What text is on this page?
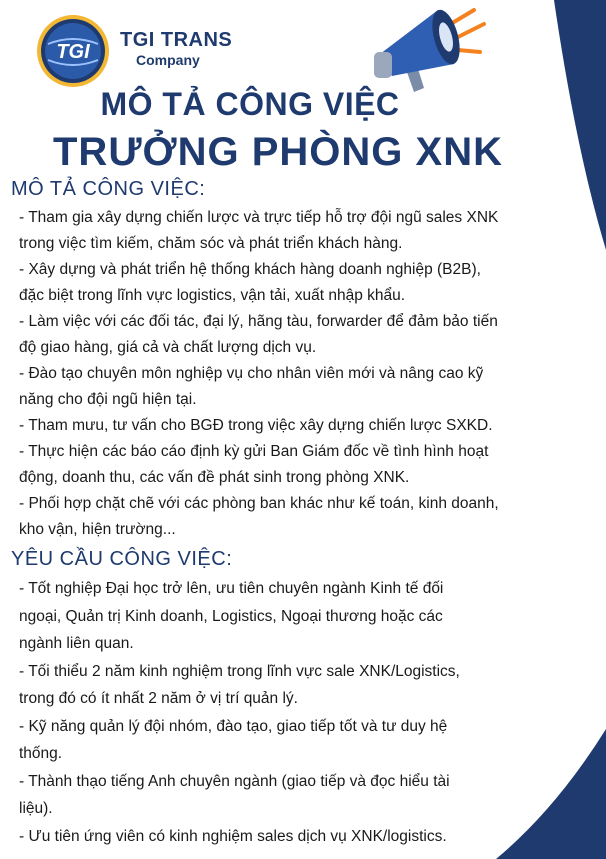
TGI
TGI TRANS
Company
MÔ TẢ CÔNG VIỆC
TRƯỞNG PHÒNG XNK
MÔ TẢ CÔNG VIỆC:
- Tham gia xây dựng chiến lược và trực tiếp hỗ trợ đội ngũ sales XNK
trong việc tìm kiếm, chăm sóc và phát triển khách hàng.
- Xây dựng và phát triển hệ thống khách hàng doanh nghiệp (B2B),
đặc biệt trong lĩnh vực logistics, vận tải, xuất nhập khẩu.
- Làm việc với các đối tác, đại lý, hãng tàu, forwarder để đảm bảo tiến
độ giao hàng, giá cả và chất lượng dịch vụ.
- Đào tạo chuyên môn nghiệp vụ cho nhân viên mới và nâng cao kỹ
năng cho đội ngũ hiện tại.
- Tham mưu, tư vấn cho BGĐ trong việc xây dựng chiến lược SXKD.
- Thực hiện các báo cáo định kỳ gửi Ban Giám đốc về tình hình hoạt
động, doanh thu, các vấn đề phát sinh trong phòng XNK.
- Phối hợp chặt chẽ với các phòng ban khác như kế toán, kinh doanh,
kho vận, hiện trường...
YÊU CẦU CÔNG VIỆC:
- Tốt nghiệp Đại học trở lên, ưu tiên chuyên ngành Kinh tế đối
ngoại, Quản trị Kinh doanh, Logistics, Ngoại thương hoặc các
ngành liên quan.
- Tối thiểu 2 năm kinh nghiệm trong lĩnh vực sale XNK/Logistics,
trong đó có ít nhất 2 năm ở vị trí quản lý.
- Kỹ năng quản lý đội nhóm, đào tạo, giao tiếp tốt và tư duy hệ
thống.
- Thành thạo tiếng Anh chuyên ngành (giao tiếp và đọc hiểu tài
liệu).
- Ưu tiên ứng viên có kinh nghiệm sales dịch vụ XNK/logistics.
